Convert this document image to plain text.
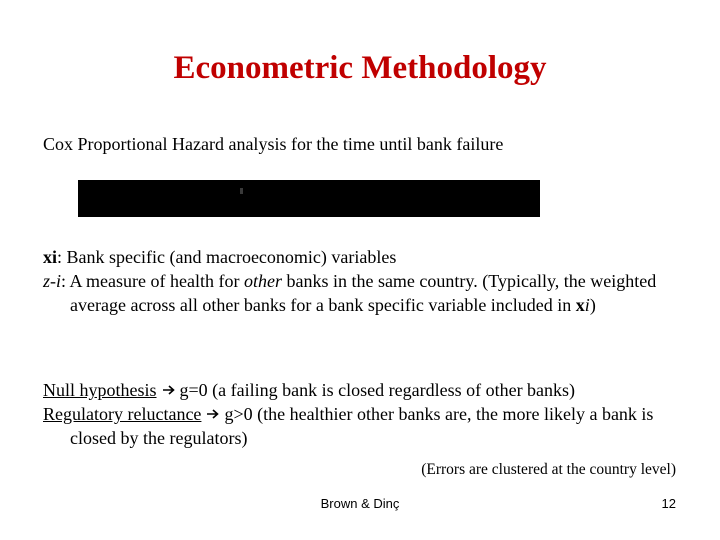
Econometric Methodology
Cox Proportional Hazard analysis for the time until bank failure

xi: Bank specific (and macroeconomic) variables

z-i: A measure of health for other banks in the same country. (Typically, the weighted average across all other banks for a bank specific variable included in xi)

Null hypothesis g=0 (a failing bank is closed regardless of other banks)

Regulatory reluctance g>0 (the healthier other banks are, the more likely a bank is closed by the regulators)

(Errors are clustered at the country level)
Brown & Dinç	12
